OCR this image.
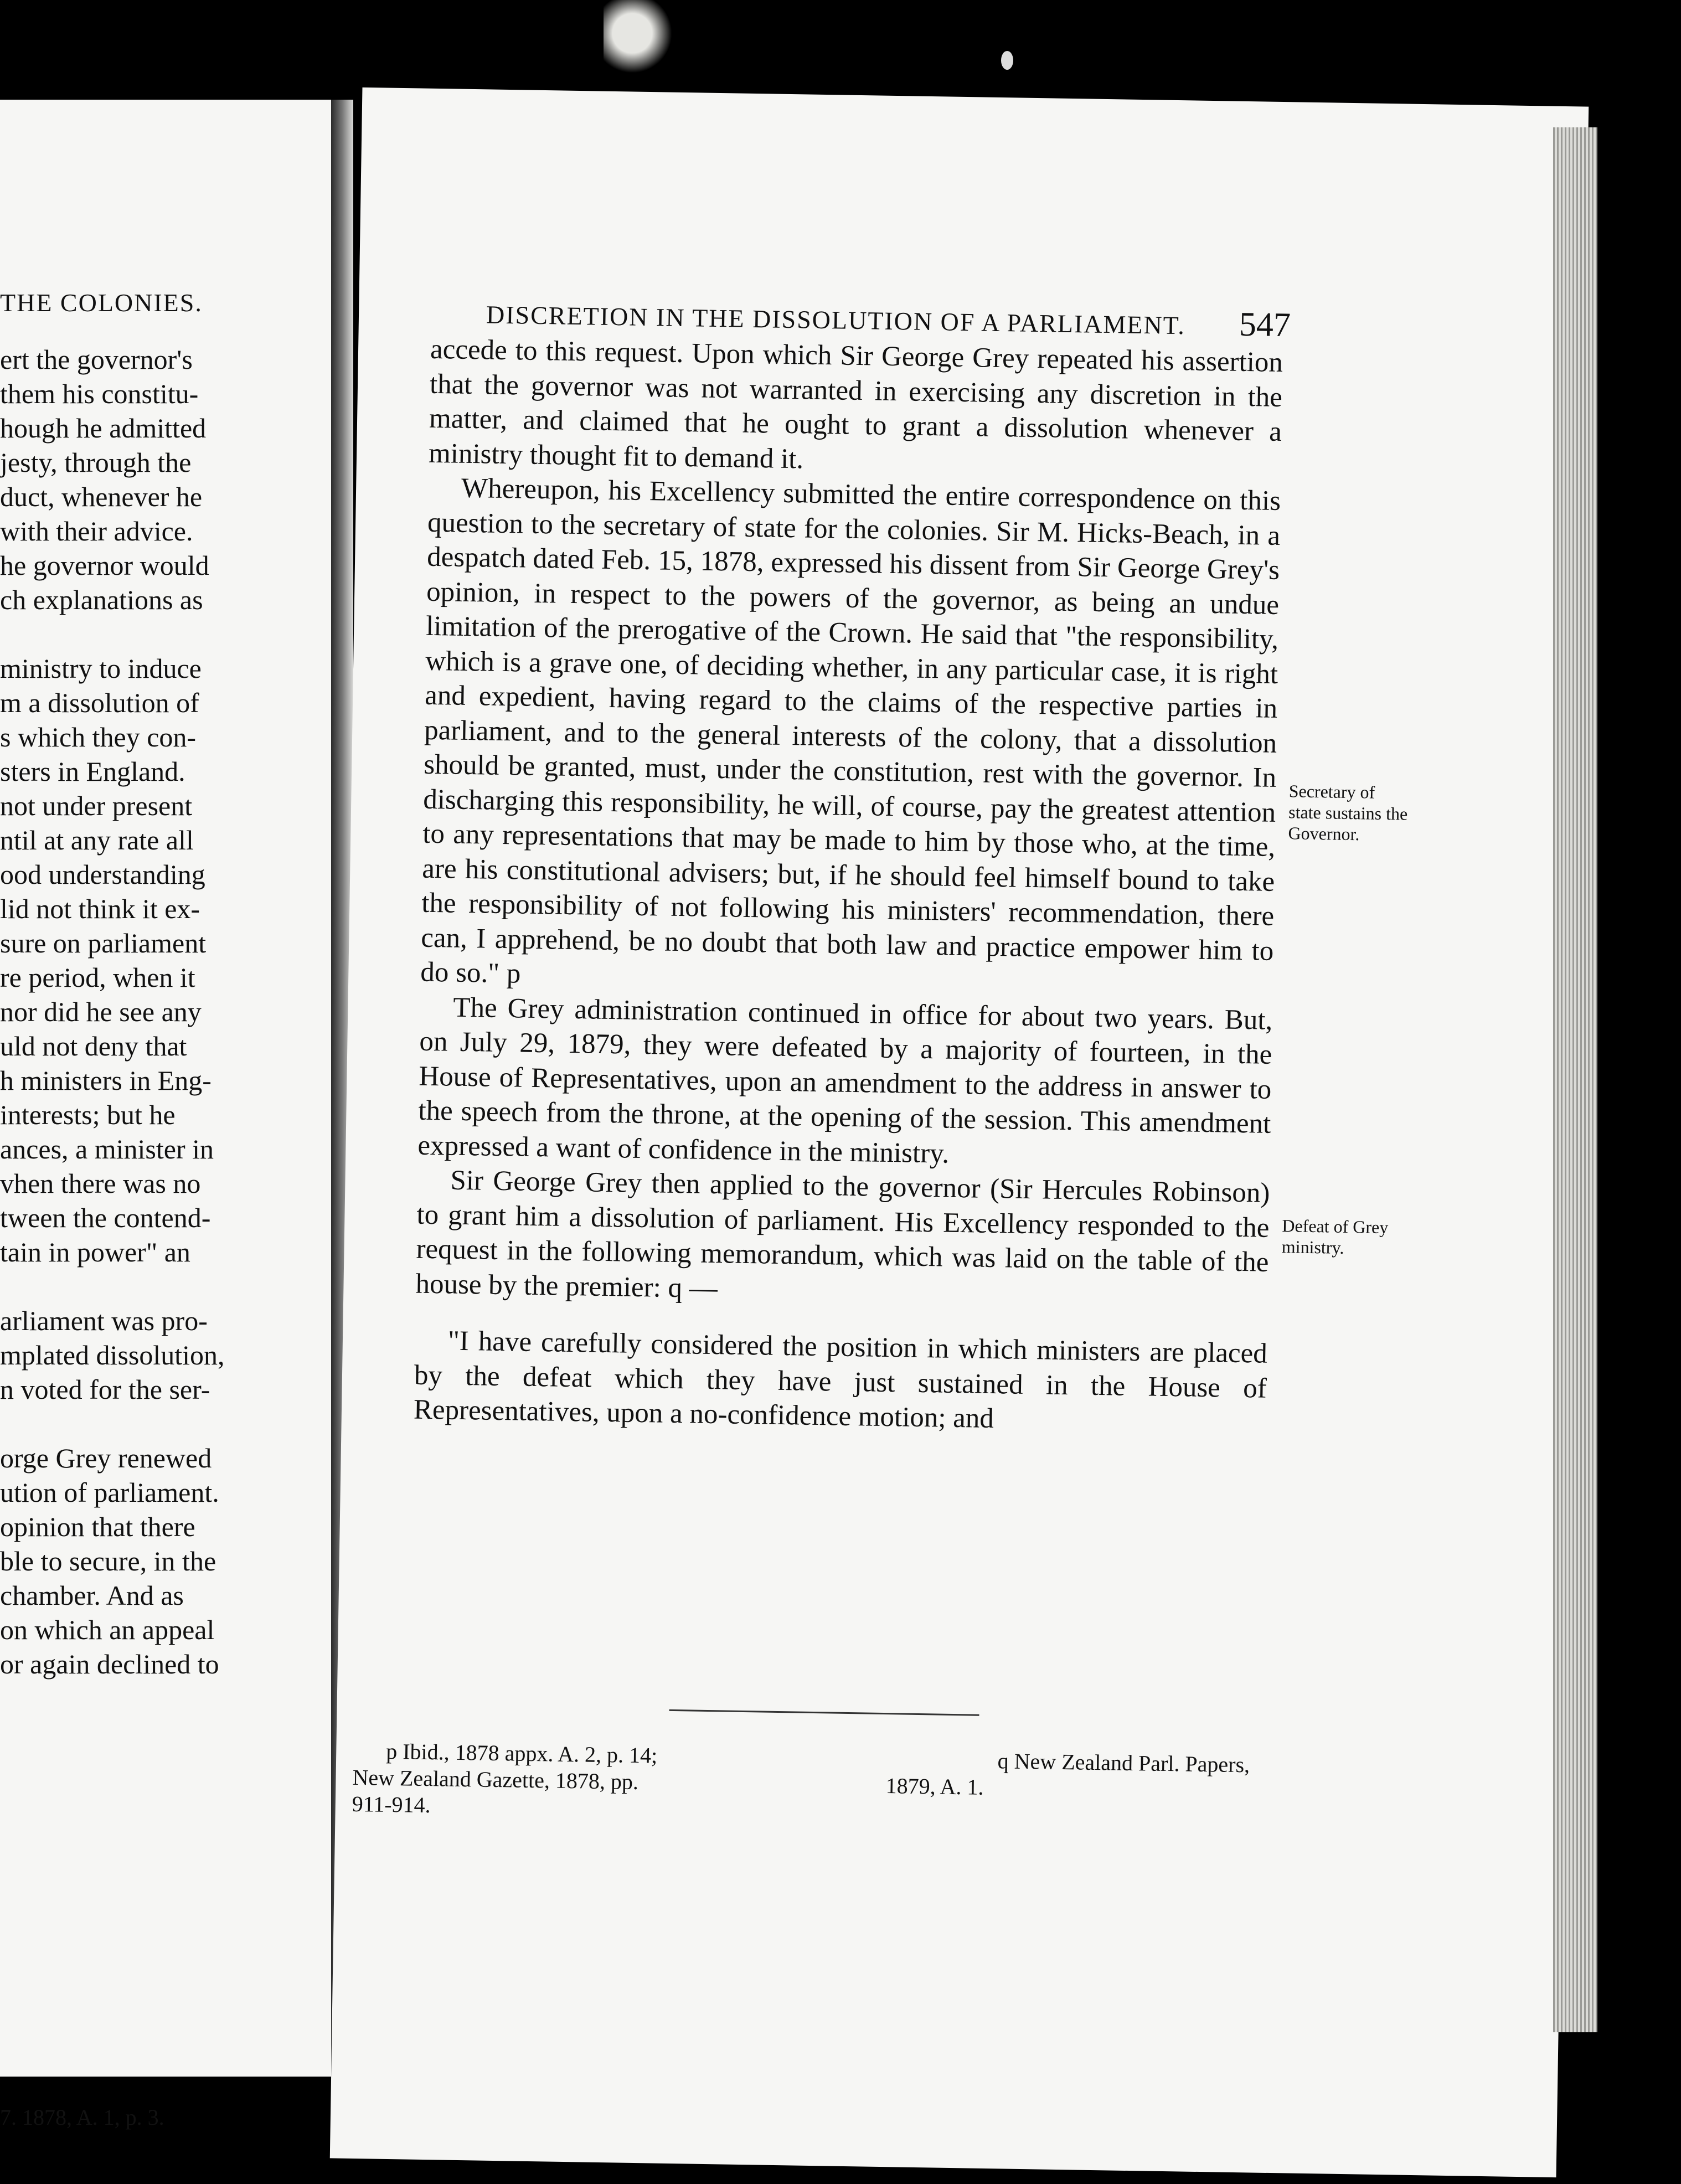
THE COLONIES.
ert the governor's
them his constitu-
hough he admitted
jesty, through the
duct, whenever he
with their advice.
he governor would
ch explanations as
ministry to induce
m a dissolution of
s which they con-
sters in England.
not under present
ntil at any rate all
ood understanding
lid not think it ex-
sure on parliament
re period, when it
nor did he see any
uld not deny that
h ministers in Eng-
interests; but he
ances, a minister in
vhen there was no
tween the contend-
tain in power" an
arliament was pro-
mplated dissolution,
n voted for the ser-
orge Grey renewed
ution of parliament.
opinion that there
ble to secure, in the
chamber. And as
on which an appeal
or again declined to
7. 1878, A. 1, p. 3.
DISCRETION IN THE DISSOLUTION OF A PARLIAMENT. 547

accede to this request. Upon which Sir George Grey repeated his assertion that the governor was not warranted in exercising any discretion in the matter, and claimed that he ought to grant a dissolution whenever a ministry thought fit to demand it.

Whereupon, his Excellency submitted the entire correspondence on this question to the secretary of state for the colonies. Sir M. Hicks-Beach, in a despatch dated Feb. 15, 1878, expressed his dissent from Sir George Grey's opinion, in respect to the powers of the governor, as being an undue limitation of the prerogative of the Crown. He said that "the responsibility, which is a grave one, of deciding whether, in any particular case, it is right and expedient, having regard to the claims of the respective parties in parliament, and to the general interests of the colony, that a dissolution should be granted, must, under the constitution, rest with the governor. In discharging this responsibility, he will, of course, pay the greatest attention to any representations that may be made to him by those who, at the time, are his constitutional advisers; but, if he should feel himself bound to take the responsibility of not following his ministers' recommendation, there can, I apprehend, be no doubt that both law and practice empower him to do so." p

The Grey administration continued in office for about two years. But, on July 29, 1879, they were defeated by a majority of fourteen, in the House of Representatives, upon an amendment to the address in answer to the speech from the throne, at the opening of the session. This amendment expressed a want of confidence in the ministry.

Sir George Grey then applied to the governor (Sir Hercules Robinson) to grant him a dissolution of parliament. His Excellency responded to the request in the following memorandum, which was laid on the table of the house by the premier: q —

"I have carefully considered the position in which ministers are placed by the defeat which they have just sustained in the House of Representatives, upon a no-confidence motion; and

Secretary of state sustains the Governor.
Defeat of Grey ministry.
p Ibid., 1878 appx. A. 2, p. 14;	q New Zealand Parl. Papers,
New Zealand Gazette, 1878, pp.	1879, A. 1.
911-914.
